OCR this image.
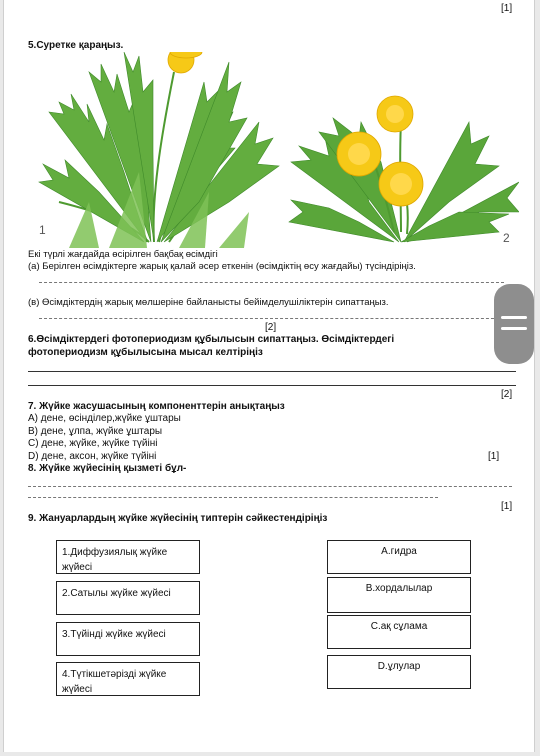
[1]
5.Суретке қараңыз.
1
2
Екі түрлі жағдайда өсірілген бақбақ өсімдігі
(а) Берілген өсімдіктерге жарық қалай әсер еткенін (өсімдіктің өсу жағдайы) түсіндіріңіз.
(в) Өсімдіктердің жарық мөлшеріне байланысты бейімделушіліктерін сипаттаңыз.
[2]
6.Өсімдіктердегі фотопериодизм құбылысын сипаттаңыз. Өсімдіктердегі
фотопериодизм құбылысына мысал келтіріңіз
[2]
7. Жүйке жасушасының компоненттерін анықтаңыз
A) дене, өсінділер,жүйке ұштары
B) дене, ұлпа, жүйке ұштары
C) дене, жүйке, жүйке түйіні
D) дене, аксон, жүйке түйіні	[1]
8. Жүйке жүйесінің қызметі бұл-
[1]
9. Жануарлардың жүйке жүйесінің типтерін сәйкестендіріңіз
1.Диффузиялық жүйке жүйесі
2.Сатылы жүйке жүйесі
3.Түйінді жүйке жүйесі
4.Түтікшетәрізді жүйке жүйесі
А.гидра
В.хордалылар
С.ақ сұлама
D.ұлулар
